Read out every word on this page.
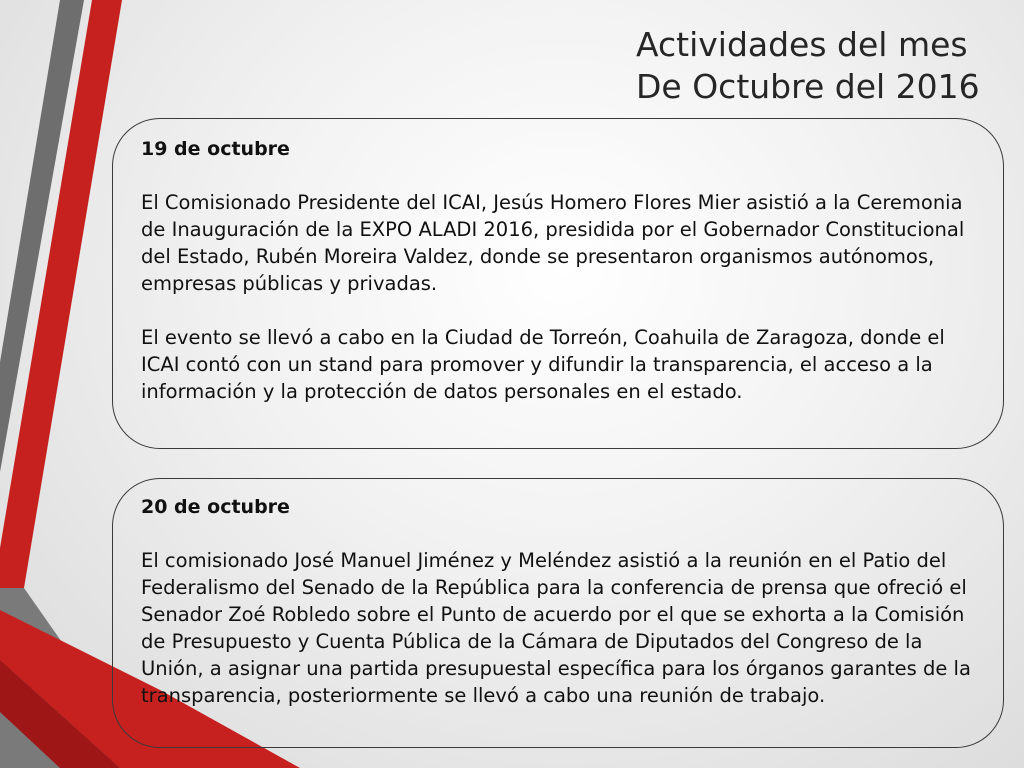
Actividades del mes
De Octubre del 2016
19 de octubre

El Comisionado Presidente del ICAI, Jesús Homero Flores Mier asistió a la Ceremonia de Inauguración de la EXPO ALADI 2016, presidida por el Gobernador Constitucional del Estado, Rubén Moreira Valdez, donde se presentaron organismos autónomos, empresas públicas y privadas.

El evento se llevó a cabo en la Ciudad de Torreón, Coahuila de Zaragoza, donde el ICAI contó con un stand para promover y difundir la transparencia, el acceso a la información y la protección de datos personales en el estado.

20 de octubre

El comisionado José Manuel Jiménez y Meléndez asistió a la reunión en el Patio del Federalismo del Senado de la República para la conferencia de prensa que ofreció el Senador Zoé Robledo sobre el Punto de acuerdo por el que se exhorta a la Comisión de Presupuesto y Cuenta Pública de la Cámara de Diputados del Congreso de la Unión, a asignar una partida presupuestal específica para los órganos garantes de la transparencia, posteriormente se llevó a cabo una reunión de trabajo.
